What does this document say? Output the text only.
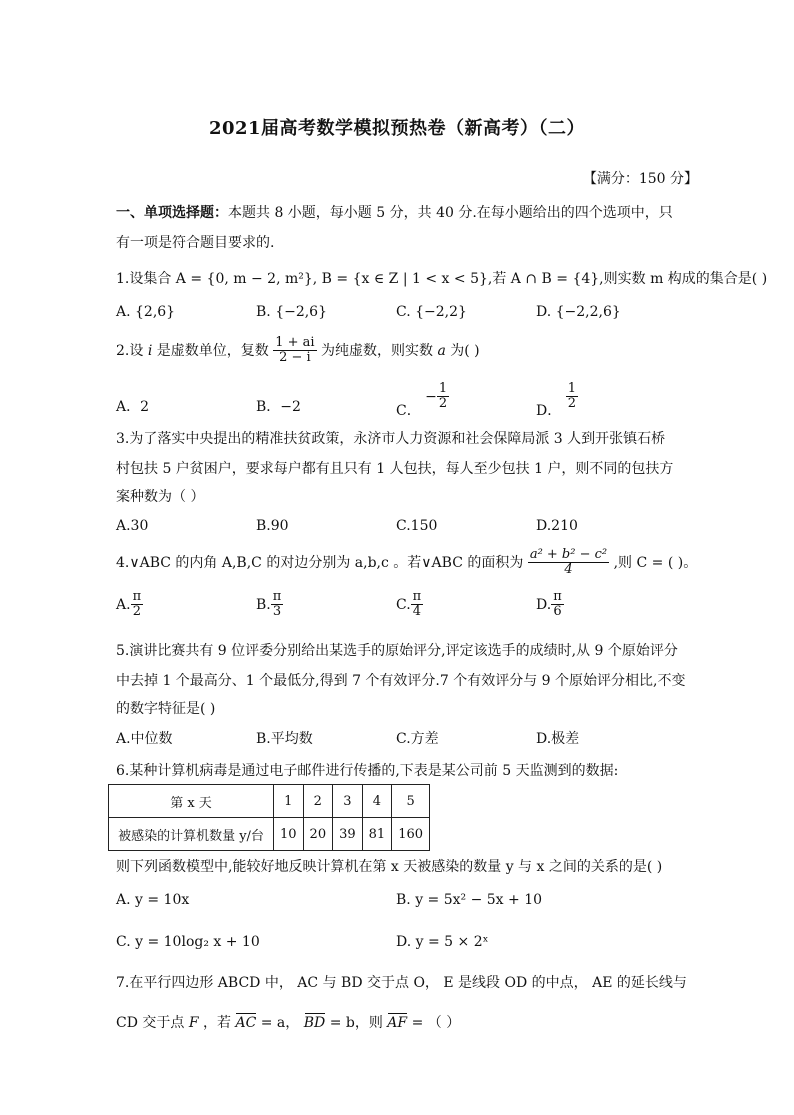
2021届高考数学模拟预热卷（新高考）（二）
【满分：150 分】
一、单项选择题：本题共 8 小题，每小题 5 分，共 40 分.在每小题给出的四个选项中，只
有一项是符合题目要求的.
1.设集合 A = {0, m − 2, m²}, B = {x ∈ Z | 1 < x < 5},若 A ∩ B = {4},则实数 m 构成的集合是( )
A. {2,6}	B. {−2,6}	C. {−2,2}	D. {−2,2,6}
2.设 i 是虚数单位，复数 $\frac{1 + ai}{2 - i}$ 为纯虚数，则实数 a 为( )
A．2	B．−2	C． − $\frac{1}{2}$	D． $\frac{1}{2}$
3.为了落实中央提出的精准扶贫政策，永济市人力资源和社会保障局派 3 人到开张镇石桥
村包扶 5 户贫困户，要求每户都有且只有 1 人包扶，每人至少包扶 1 户，则不同的包扶方
案种数为（ ）
A.30	B.90	C.150	D.210
4.∨ABC 的内角 A,B,C 的对边分别为 a,b,c 。若∨ABC 的面积为 $\frac{\text{a² + b² − c²}}{4}$ ,则 C = ( )。
A. $\frac{\pi}{2}$	B. $\frac{\pi}{3}$	C. $\frac{\pi}{4}$	D. $\frac{\pi}{6}$
5.演讲比赛共有 9 位评委分别给出某选手的原始评分,评定该选手的成绩时,从 9 个原始评分
中去掉 1 个最高分、1 个最低分,得到 7 个有效评分.7 个有效评分与 9 个原始评分相比,不变
的数字特征是( )
A.中位数	B.平均数	C.方差	D.极差
6.某种计算机病毒是通过电子邮件进行传播的,下表是某公司前 5 天监测到的数据:
第 x 天	1	2	3	4	5
被感染的计算机数量 y/台	10	20	39	81	160
则下列函数模型中,能较好地反映计算机在第 x 天被感染的数量 y 与 x 之间的关系的是( )
A. y = 10x	B. y = 5x² − 5x + 10
C. y = 10log₂ x + 10	D. y = 5 × 2ˣ
7.在平行四边形 ABCD 中， AC 与 BD 交于点 O， E 是线段 OD 的中点， AE 的延长线与
CD 交于点 F ，若 AC = a， BD = b，则 AF = （ ）
